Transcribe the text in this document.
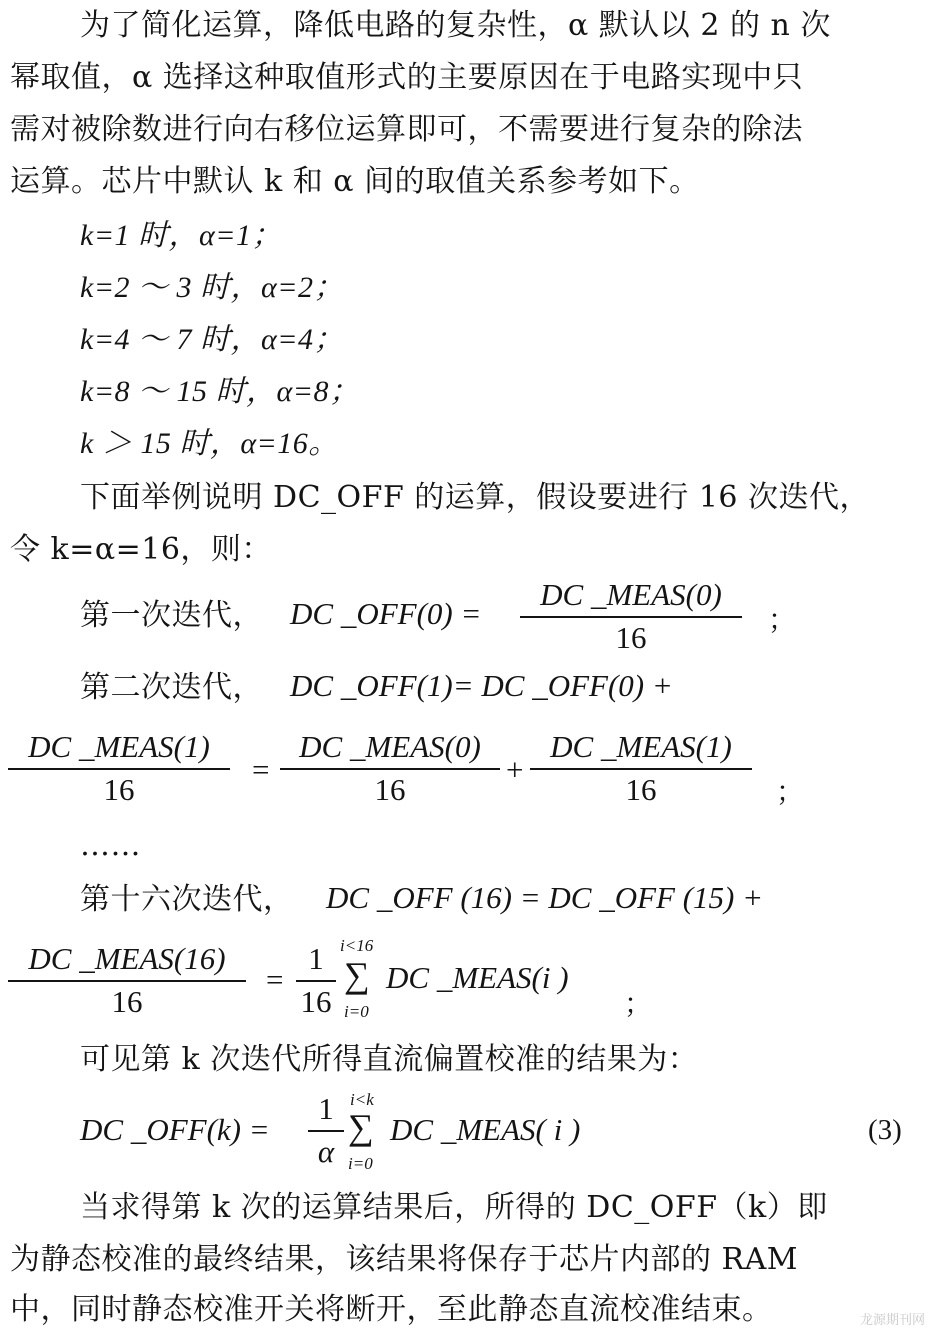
为了简化运算，降低电路的复杂性，α 默认以 2 的 n 次
幂取值，α 选择这种取值形式的主要原因在于电路实现中只
需对被除数进行向右移位运算即可，不需要进行复杂的除法
运算。芯片中默认 k 和 α 间的取值关系参考如下。
k=1 时，α=1；
k=2 ～ 3 时，α=2；
k=4 ～ 7 时，α=4；
k=8 ～ 15 时，α=8；
k ＞ 15 时，α=16。
下面举例说明 DC_OFF 的运算，假设要进行 16 次迭代，
令 k=α=16，则：
第一次迭代， DC _OFF(0) = $\frac{\text{DC \_MEAS(0)}}{16}$ ；
第二次迭代， DC _OFF(1)= DC _OFF(0) +
$\frac{\text{DC \_MEAS(1)}}{16} = \frac{\text{DC \_MEAS(0)}}{16} + \frac{\text{DC \_MEAS(1)}}{16}$ ；
……
第十六次迭代， DC _OFF (16) = DC _OFF (15) +
$\frac{\text{DC \_MEAS(16)}}{16} = \frac{1}{16} i<16$
∑
i=0
DC _MEAS(i )
；
可见第 k 次迭代所得直流偏置校准的结果为：
DC _OFF(k) = $\frac{1}{\alpha} i<k$
∑
i=0
DC _MEAS( i )	(3)
当求得第 k 次的运算结果后，所得的 DC_OFF（k）即
为静态校准的最终结果，该结果将保存于芯片内部的 RAM
中，同时静态校准开关将断开，至此静态直流校准结束。	龙源期刊网
